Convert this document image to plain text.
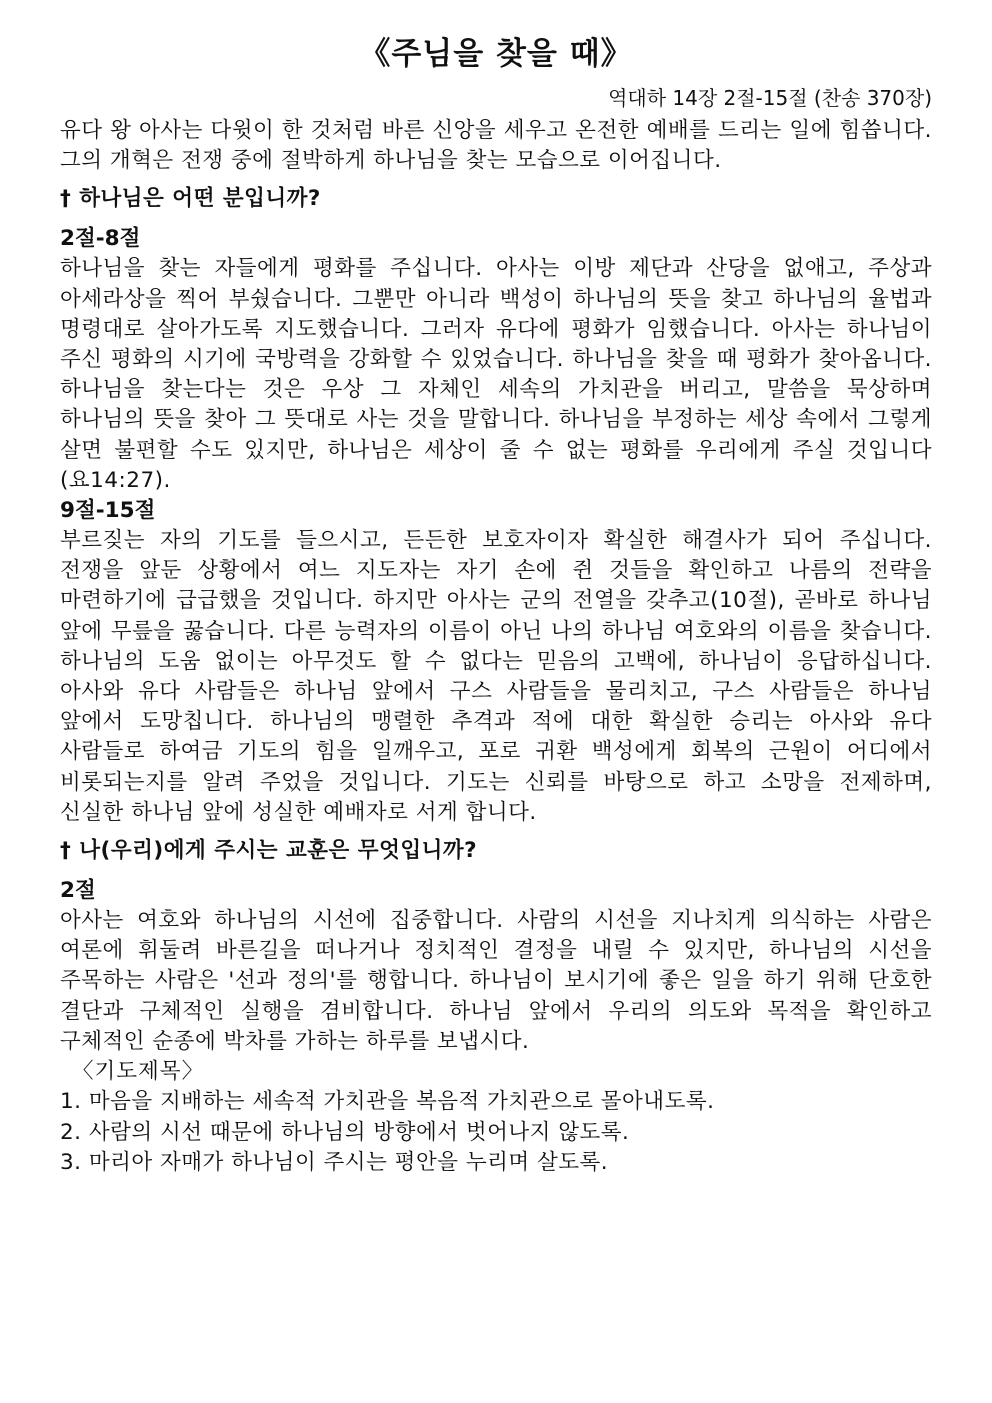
《주님을 찾을 때》

역대하 14장 2절-15절 (찬송 370장)

유다 왕 아사는 다윗이 한 것처럼 바른 신앙을 세우고 온전한 예배를 드리는 일에 힘씁니다. 그의 개혁은 전쟁 중에 절박하게 하나님을 찾는 모습으로 이어집니다.

† 하나님은 어떤 분입니까?

2절-8절

하나님을 찾는 자들에게 평화를 주십니다. 아사는 이방 제단과 산당을 없애고, 주상과 아세라상을 찍어 부쉈습니다. 그뿐만 아니라 백성이 하나님의 뜻을 찾고 하나님의 율법과 명령대로 살아가도록 지도했습니다. 그러자 유다에 평화가 임했습니다. 아사는 하나님이 주신 평화의 시기에 국방력을 강화할 수 있었습니다. 하나님을 찾을 때 평화가 찾아옵니다. 하나님을 찾는다는 것은 우상 그 자체인 세속의 가치관을 버리고, 말씀을 묵상하며 하나님의 뜻을 찾아 그 뜻대로 사는 것을 말합니다. 하나님을 부정하는 세상 속에서 그렇게 살면 불편할 수도 있지만, 하나님은 세상이 줄 수 없는 평화를 우리에게 주실 것입니다(요14:27).

9절-15절

부르짖는 자의 기도를 들으시고, 든든한 보호자이자 확실한 해결사가 되어 주십니다. 전쟁을 앞둔 상황에서 여느 지도자는 자기 손에 쥔 것들을 확인하고 나름의 전략을 마련하기에 급급했을 것입니다. 하지만 아사는 군의 전열을 갖추고(10절), 곧바로 하나님 앞에 무릎을 꿇습니다. 다른 능력자의 이름이 아닌 나의 하나님 여호와의 이름을 찾습니다. 하나님의 도움 없이는 아무것도 할 수 없다는 믿음의 고백에, 하나님이 응답하십니다. 아사와 유다 사람들은 하나님 앞에서 구스 사람들을 물리치고, 구스 사람들은 하나님 앞에서 도망칩니다. 하나님의 맹렬한 추격과 적에 대한 확실한 승리는 아사와 유다 사람들로 하여금 기도의 힘을 일깨우고, 포로 귀환 백성에게 회복의 근원이 어디에서 비롯되는지를 알려 주었을 것입니다. 기도는 신뢰를 바탕으로 하고 소망을 전제하며, 신실한 하나님 앞에 성실한 예배자로 서게 합니다.

† 나(우리)에게 주시는 교훈은 무엇입니까?

2절

아사는 여호와 하나님의 시선에 집중합니다. 사람의 시선을 지나치게 의식하는 사람은 여론에 휘둘려 바른길을 떠나거나 정치적인 결정을 내릴 수 있지만, 하나님의 시선을 주목하는 사람은 '선과 정의'를 행합니다. 하나님이 보시기에 좋은 일을 하기 위해 단호한 결단과 구체적인 실행을 겸비합니다. 하나님 앞에서 우리의 의도와 목적을 확인하고 구체적인 순종에 박차를 가하는 하루를 보냅시다.

〈기도제목〉

1. 마음을 지배하는 세속적 가치관을 복음적 가치관으로 몰아내도록.

2. 사람의 시선 때문에 하나님의 방향에서 벗어나지 않도록.

3. 마리아 자매가 하나님이 주시는 평안을 누리며 살도록.
